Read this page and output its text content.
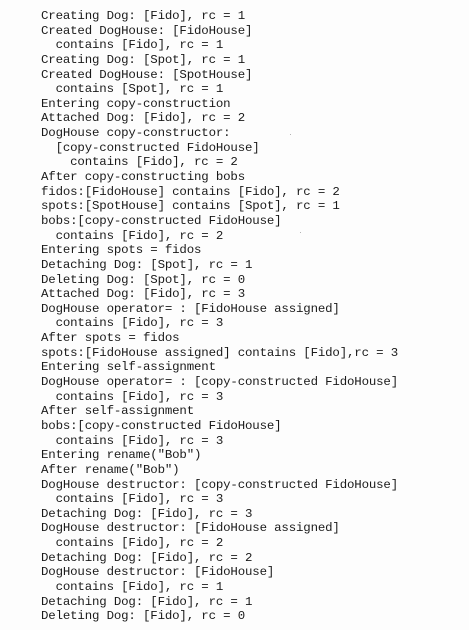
Creating Dog: [Fido], rc = 1
Created DogHouse: [FidoHouse]
contains [Fido], rc = 1
Creating Dog: [Spot], rc = 1
Created DogHouse: [SpotHouse]
contains [Spot], rc = 1
Entering copy-construction
Attached Dog: [Fido], rc = 2
DogHouse copy-constructor:
[copy-constructed FidoHouse]
contains [Fido], rc = 2
After copy-constructing bobs
fidos:[FidoHouse] contains [Fido], rc = 2
spots:[SpotHouse] contains [Spot], rc = 1
bobs:[copy-constructed FidoHouse]
contains [Fido], rc = 2
Entering spots = fidos
Detaching Dog: [Spot], rc = 1
Deleting Dog: [Spot], rc = 0
Attached Dog: [Fido], rc = 3
DogHouse operator= : [FidoHouse assigned]
contains [Fido], rc = 3
After spots = fidos
spots:[FidoHouse assigned] contains [Fido],rc = 3
Entering self-assignment
DogHouse operator= : [copy-constructed FidoHouse]
contains [Fido], rc = 3
After self-assignment
bobs:[copy-constructed FidoHouse]
contains [Fido], rc = 3
Entering rename("Bob")
After rename("Bob")
DogHouse destructor: [copy-constructed FidoHouse]
contains [Fido], rc = 3
Detaching Dog: [Fido], rc = 3
DogHouse destructor: [FidoHouse assigned]
contains [Fido], rc = 2
Detaching Dog: [Fido], rc = 2
DogHouse destructor: [FidoHouse]
contains [Fido], rc = 1
Detaching Dog: [Fido], rc = 1
Deleting Dog: [Fido], rc = 0
